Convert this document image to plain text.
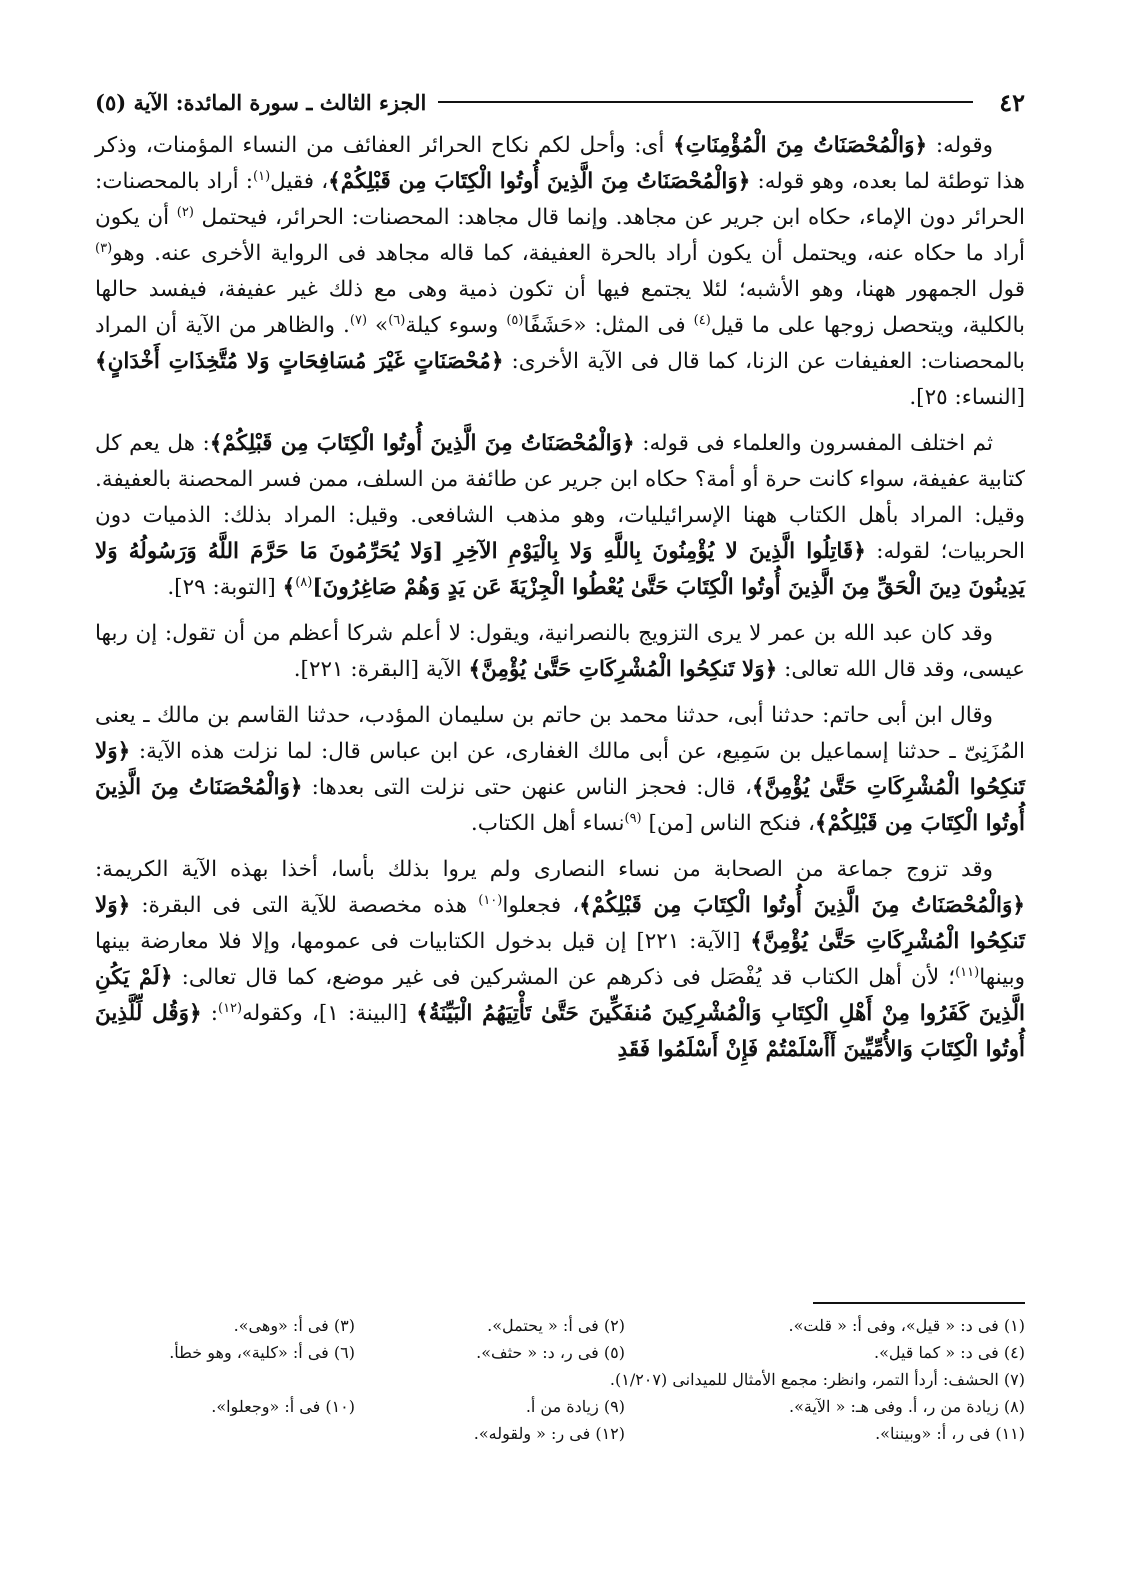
٤٢
الجزء الثالث ـ سورة المائدة: الآية (٥)

وقوله: ﴿وَالْمُحْصَنَاتُ مِنَ الْمُؤْمِنَاتِ﴾ أى: وأحل لكم نكاح الحرائر العفائف من النساء المؤمنات، وذكر هذا توطئة لما بعده، وهو قوله: ﴿وَالْمُحْصَنَاتُ مِنَ الَّذِينَ أُوتُوا الْكِتَابَ مِن قَبْلِكُمْ﴾، فقيل$^{(١)}$: أراد بالمحصنات: الحرائر دون الإماء، حكاه ابن جرير عن مجاهد. وإنما قال مجاهد: المحصنات: الحرائر، فيحتمل $^{(٢)}$ أن يكون أراد ما حكاه عنه، ويحتمل أن يكون أراد بالحرة العفيفة، كما قاله مجاهد فى الرواية الأخرى عنه. وهو$^{(٣)}$ قول الجمهور ههنا، وهو الأشبه؛ لئلا يجتمع فيها أن تكون ذمية وهى مع ذلك غير عفيفة، فيفسد حالها بالكلية، ويتحصل زوجها على ما قيل$^{(٤)}$ فى المثل: «حَشَفًا$^{(٥)}$ وسوء كيلة$^{(٦)}$» $^{(٧)}$. والظاهر من الآية أن المراد بالمحصنات: العفيفات عن الزنا، كما قال فى الآية الأخرى: ﴿مُحْصَنَاتٍ غَيْرَ مُسَافِحَاتٍ وَلا مُتَّخِذَاتِ أَخْدَانٍ﴾ [النساء: ٢٥].

ثم اختلف المفسرون والعلماء فى قوله: ﴿وَالْمُحْصَنَاتُ مِنَ الَّذِينَ أُوتُوا الْكِتَابَ مِن قَبْلِكُمْ﴾: هل يعم كل كتابية عفيفة، سواء كانت حرة أو أمة؟ حكاه ابن جرير عن طائفة من السلف، ممن فسر المحصنة بالعفيفة. وقيل: المراد بأهل الكتاب ههنا الإسرائيليات، وهو مذهب الشافعى. وقيل: المراد بذلك: الذميات دون الحربيات؛ لقوله: ﴿قَاتِلُوا الَّذِينَ لا يُؤْمِنُونَ بِاللَّهِ وَلا بِالْيَوْمِ الآخِرِ [وَلا يُحَرِّمُونَ مَا حَرَّمَ اللَّهُ وَرَسُولُهُ وَلا يَدِينُونَ دِينَ الْحَقِّ مِنَ الَّذِينَ أُوتُوا الْكِتَابَ حَتَّىٰ يُعْطُوا الْجِزْيَةَ عَن يَدٍ وَهُمْ صَاغِرُونَ]$^{(٨)}$﴾ [التوبة: ٢٩].

وقد كان عبد الله بن عمر لا يرى التزويج بالنصرانية، ويقول: لا أعلم شركا أعظم من أن تقول: إن ربها عيسى، وقد قال الله تعالى: ﴿وَلا تَنكِحُوا الْمُشْرِكَاتِ حَتَّىٰ يُؤْمِنَّ﴾ الآية [البقرة: ٢٢١].

وقال ابن أبى حاتم: حدثنا أبى، حدثنا محمد بن حاتم بن سليمان المؤدب، حدثنا القاسم بن مالك ـ يعنى المُزَنِىّ ـ حدثنا إسماعيل بن سَمِيع، عن أبى مالك الغفارى، عن ابن عباس قال: لما نزلت هذه الآية: ﴿وَلا تَنكِحُوا الْمُشْرِكَاتِ حَتَّىٰ يُؤْمِنَّ﴾، قال: فحجز الناس عنهن حتى نزلت التى بعدها: ﴿وَالْمُحْصَنَاتُ مِنَ الَّذِينَ أُوتُوا الْكِتَابَ مِن قَبْلِكُمْ﴾، فنكح الناس [من] $^{(٩)}$نساء أهل الكتاب.

وقد تزوج جماعة من الصحابة من نساء النصارى ولم يروا بذلك بأسا، أخذا بهذه الآية الكريمة: ﴿وَالْمُحْصَنَاتُ مِنَ الَّذِينَ أُوتُوا الْكِتَابَ مِن قَبْلِكُمْ﴾، فجعلوا$^{(١٠)}$ هذه مخصصة للآية التى فى البقرة: ﴿وَلا تَنكِحُوا الْمُشْرِكَاتِ حَتَّىٰ يُؤْمِنَّ﴾ [الآية: ٢٢١] إن قيل بدخول الكتابيات فى عمومها، وإلا فلا معارضة بينها وبينها$^{(١١)}$؛ لأن أهل الكتاب قد يُفْصَل فى ذكرهم عن المشركين فى غير موضع، كما قال تعالى: ﴿لَمْ يَكُنِ الَّذِينَ كَفَرُوا مِنْ أَهْلِ الْكِتَابِ وَالْمُشْرِكِينَ مُنفَكِّينَ حَتَّىٰ تَأْتِيَهُمُ الْبَيِّنَةُ﴾ [البينة: ١]، وكقوله$^{(١٢)}$: ﴿وَقُل لِّلَّذِينَ أُوتُوا الْكِتَابَ وَالأُمِّيِّينَ أَأَسْلَمْتُمْ فَإِنْ أَسْلَمُوا فَقَدِ

(١) فى د: « قيل»، وفى أ: « قلت».
(٢) فى أ: « يحتمل».
(٣) فى أ: «وهى».
(٤) فى د: « كما قيل».
(٥) فى ر، د: « حثف».
(٦) فى أ: «كلية»، وهو خطأ.
(٧) الحشف: أردأ التمر، وانظر: مجمع الأمثال للميدانى (١/٢٠٧).
(٨) زيادة من ر، أ. وفى هـ: « الآية».
(٩) زيادة من أ.
(١٠) فى أ: «وجعلوا».
(١١) فى ر، أ: «وبيننا».
(١٢) فى ر: « ولقوله».
